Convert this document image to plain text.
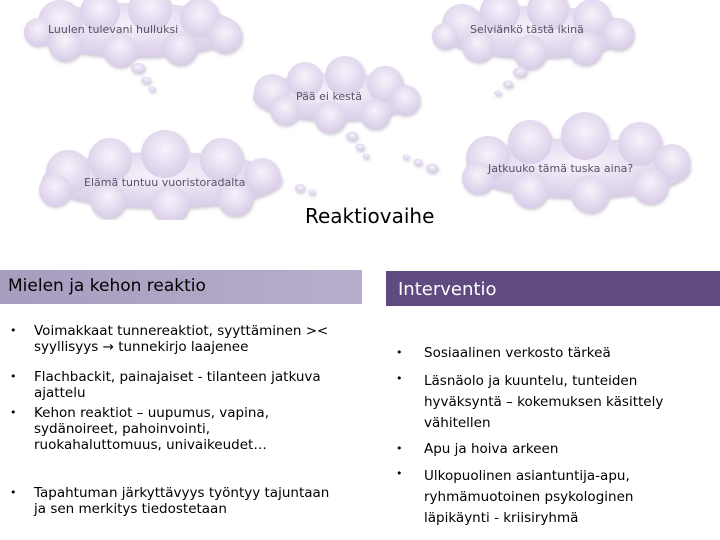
Luulen tulevani hulluksi	Selviänkö tästä ikinä
Pää ei kestä
Jatkuuko tämä tuska aina?
Elämä tuntuu vuoristoradalta
Reaktiovaihe
Mielen ja kehon reaktio	Interventio
• Voimakkaat tunnereaktiot, syyttäminen >< syyllisyys → tunnekirjo laajenee
• Flachbackit, painajaiset - tilanteen jatkuva ajattelu
• Kehon reaktiot – uupumus, vapina, sydänoireet, pahoinvointi, ruokahaluttomuus, univaikeudet…
• Tapahtuman järkyttävyys työntyy tajuntaan ja sen merkitys tiedostetaan
• Sosiaalinen verkosto tärkeä
• Läsnäolo ja kuuntelu, tunteiden hyväksyntä – kokemuksen käsittely vähitellen
• Apu ja hoiva arkeen
• Ulkopuolinen asiantuntija-apu, ryhmämuotoinen psykologinen läpikäynti - kriisiryhmä
